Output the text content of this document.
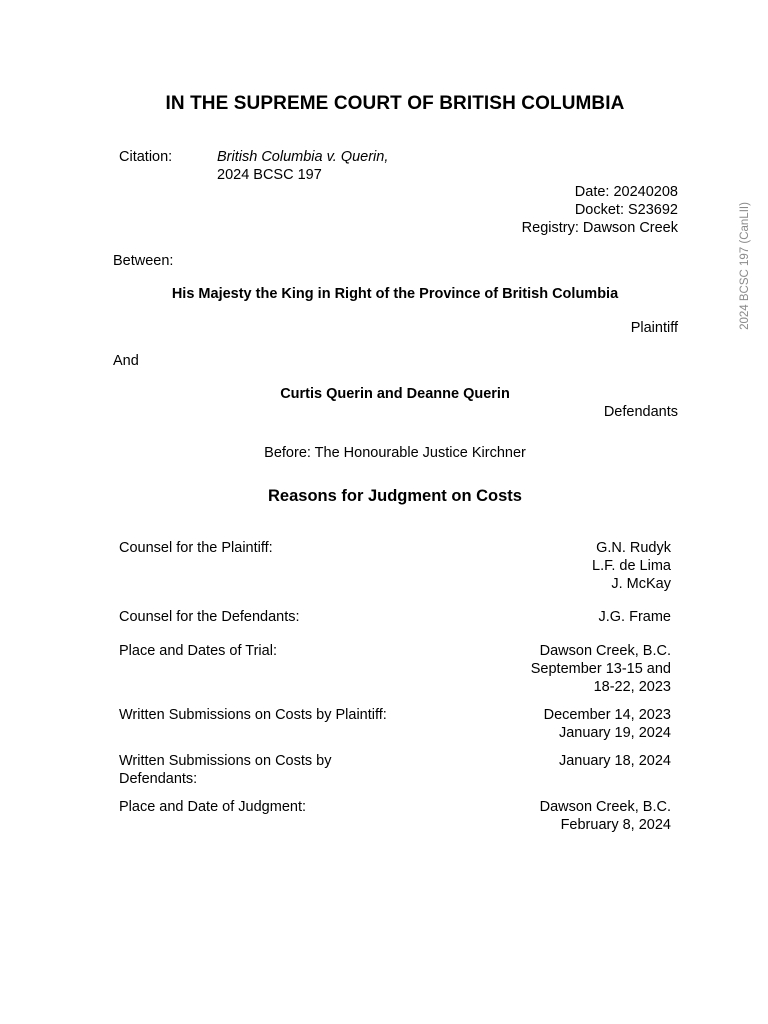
IN THE SUPREME COURT OF BRITISH COLUMBIA
Citation:	British Columbia v. Querin,
2024 BCSC 197
Date: 20240208
Docket: S23692
Registry: Dawson Creek
Between:
His Majesty the King in Right of the Province of British Columbia
Plaintiff
And
Curtis Querin and Deanne Querin
Defendants
Before: The Honourable Justice Kirchner
Reasons for Judgment on Costs
Counsel for the Plaintiff:	G.N. Rudyk
L.F. de Lima
J. McKay
Counsel for the Defendants:	J.G. Frame
Place and Dates of Trial:	Dawson Creek, B.C.
September 13-15 and
18-22, 2023
Written Submissions on Costs by Plaintiff:	December 14, 2023
January 19, 2024
Written Submissions on Costs by Defendants:
January 18, 2024
Place and Date of Judgment:	Dawson Creek, B.C.
February 8, 2024
2024 BCSC 197 (CanLII)
